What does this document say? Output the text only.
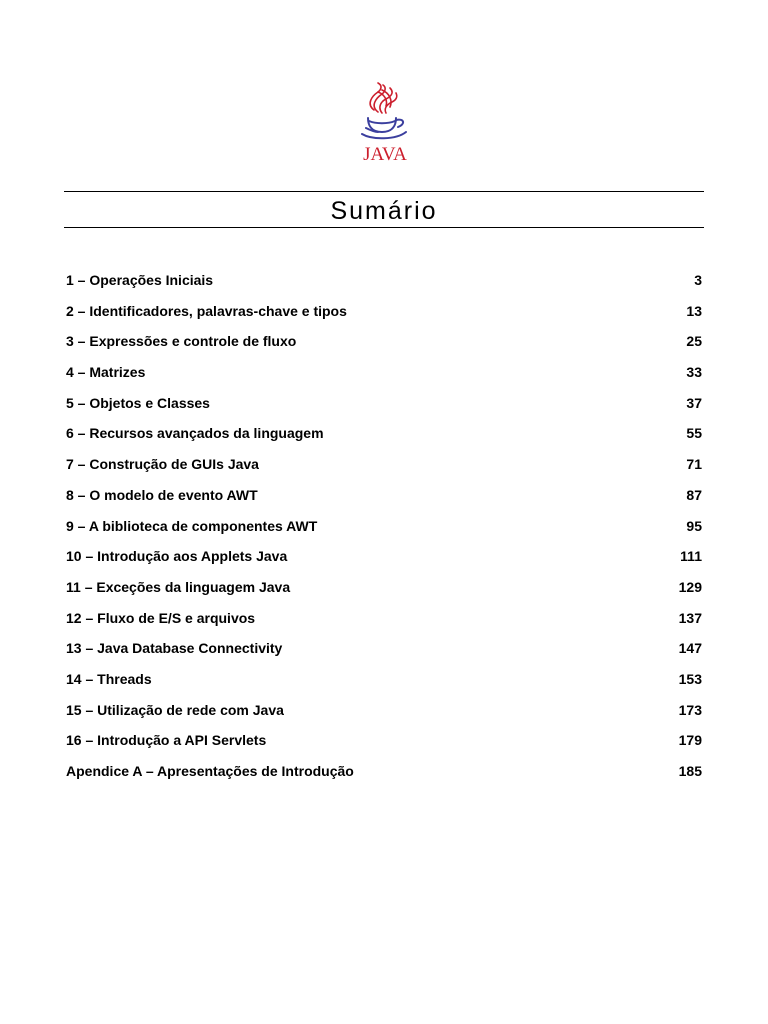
JAVA
Sumário
1 – Operações Iniciais	3
2 – Identificadores, palavras-chave e tipos	13
3 – Expressões e controle de fluxo	25
4 – Matrizes	33
5 – Objetos e Classes	37
6 – Recursos avançados da linguagem	55
7 – Construção de GUIs Java	71
8 – O modelo de evento AWT	87
9 – A biblioteca de componentes AWT	95
10 – Introdução aos Applets Java	111
11 – Exceções da linguagem Java	129
12 – Fluxo de E/S e arquivos	137
13 – Java Database Connectivity	147
14 – Threads	153
15 – Utilização de rede com Java	173
16 – Introdução a API Servlets	179
Apendice A – Apresentações de Introdução	185
